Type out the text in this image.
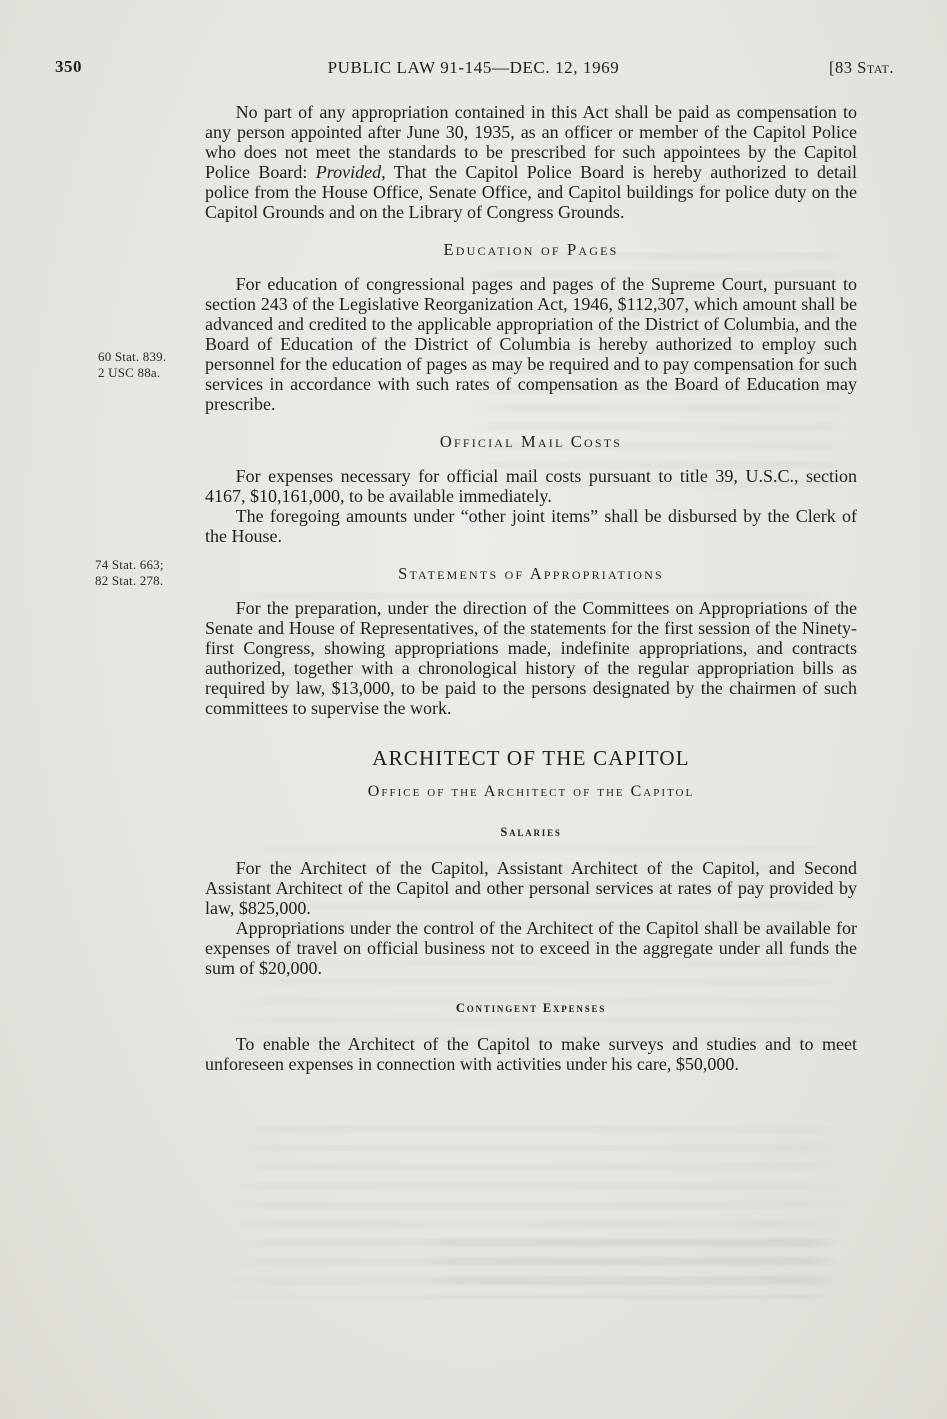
350	PUBLIC LAW 91-145—DEC. 12, 1969	[83 Stat.
60 Stat. 839.
2 USC 88a.
74 Stat. 663;
82 Stat. 278.

No part of any appropriation contained in this Act shall be paid as compensation to any person appointed after June 30, 1935, as an officer or member of the Capitol Police who does not meet the standards to be prescribed for such appointees by the Capitol Police Board: Provided, That the Capitol Police Board is hereby authorized to detail police from the House Office, Senate Office, and Capitol buildings for police duty on the Capitol Grounds and on the Library of Congress Grounds.

Education of Pages

For education of congressional pages and pages of the Supreme Court, pursuant to section 243 of the Legislative Reorganization Act, 1946, $112,307, which amount shall be advanced and credited to the applicable appropriation of the District of Columbia, and the Board of Education of the District of Columbia is hereby authorized to employ such personnel for the education of pages as may be required and to pay compensation for such services in accordance with such rates of compensation as the Board of Education may prescribe.

Official Mail Costs

For expenses necessary for official mail costs pursuant to title 39, U.S.C., section 4167, $10,161,000, to be available immediately.

The foregoing amounts under “other joint items” shall be disbursed by the Clerk of the House.

Statements of Appropriations

For the preparation, under the direction of the Committees on Appropriations of the Senate and House of Representatives, of the statements for the first session of the Ninety-first Congress, showing appropriations made, indefinite appropriations, and contracts authorized, together with a chronological history of the regular appropriation bills as required by law, $13,000, to be paid to the persons designated by the chairmen of such committees to supervise the work.

ARCHITECT OF THE CAPITOL
Office of the Architect of the Capitol
Salaries

For the Architect of the Capitol, Assistant Architect of the Capitol, and Second Assistant Architect of the Capitol and other personal services at rates of pay provided by law, $825,000.

Appropriations under the control of the Architect of the Capitol shall be available for expenses of travel on official business not to exceed in the aggregate under all funds the sum of $20,000.

Contingent Expenses

To enable the Architect of the Capitol to make surveys and studies and to meet unforeseen expenses in connection with activities under his care, $50,000.
